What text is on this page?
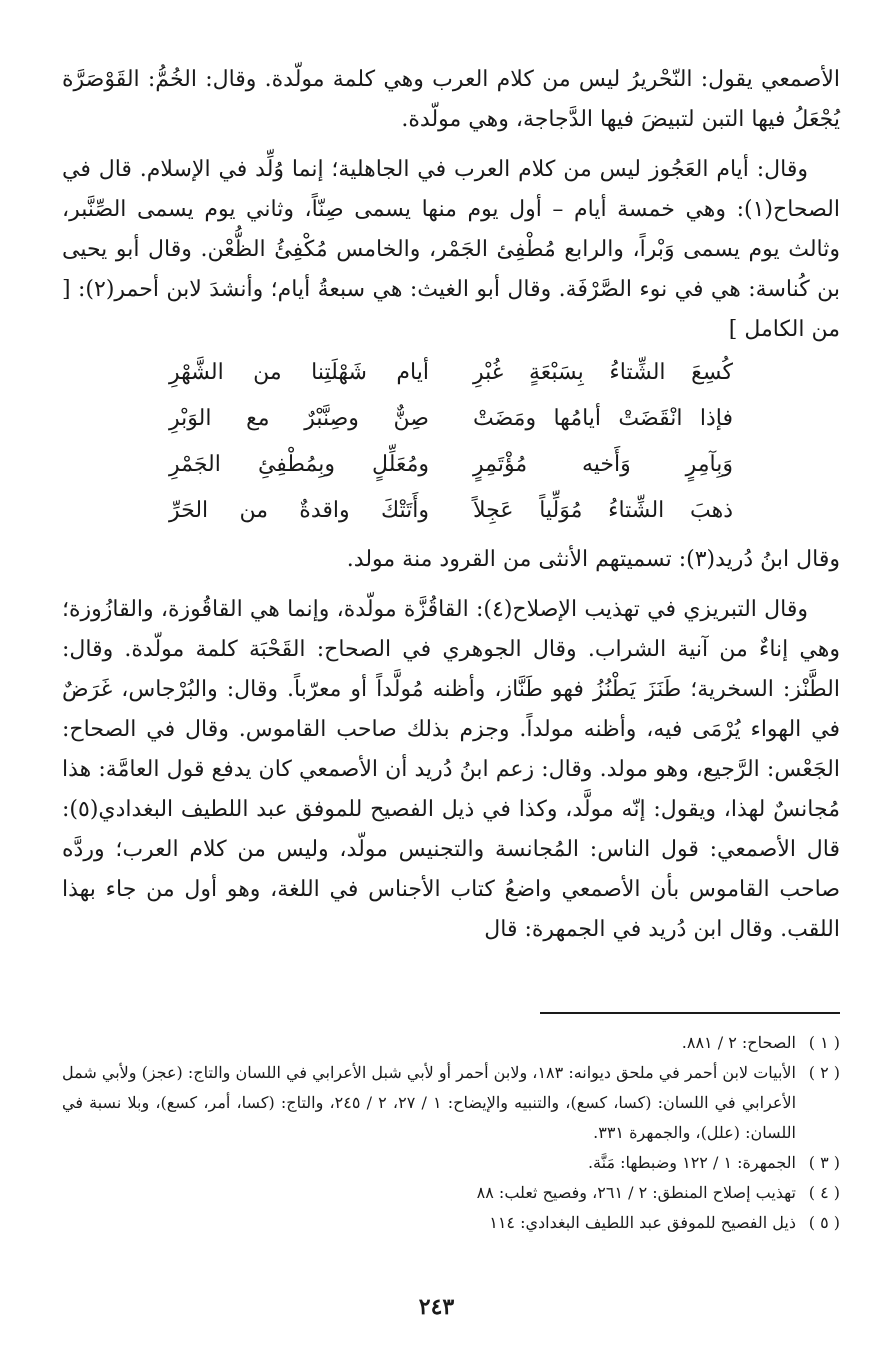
الأصمعي يقول: النّحْريرُ ليس من كلام العرب وهي كلمة مولّدة. وقال: الخُمُّ: القَوْصَرَّة يُجْعَلُ فيها التبن لتبيضَ فيها الدَّجاجة، وهي مولّدة.

وقال: أيام العَجُوز ليس من كلام العرب في الجاهلية؛ إنما وُلِّد في الإسلام. قال في الصحاح(١): وهي خمسة أيام – أول يوم منها يسمى صِنّاً، وثاني يوم يسمى الصِّنَّبر، وثالث يوم يسمى وَبْراً، والرابع مُطْفِئ الجَمْر، والخامس مُكْفِئُ الظُّعْن. وقال أبو يحيى بن كُناسة: هي في نوء الصَّرْفَة. وقال أبو الغيث: هي سبعةُ أيام؛ وأنشدَ لابن أحمر(٢): [ من الكامل ]

كُسِعَ الشِّتاءُ بِسَبْعَةٍ غُبْرِ
أيام شَهْلَتِنا من الشَّهْرِ
فإذا انْقَضَتْ أيامُها ومَضَتْ
صِنٌّ وصِنَّبْرٌ مع الوَبْرِ
وَبِآمِرٍ وَأَخيه مُؤْتَمِرٍ
ومُعَلِّلٍ وبِمُطْفِئِ الجَمْرِ
ذهبَ الشِّتاءُ مُوَلِّياً عَجِلاً
وأَتَتْكَ واقدةٌ من الحَرِّ

وقال ابنُ دُريد(٣): تسميتهم الأنثى من القرود منة مولد.

وقال التبريزي في تهذيب الإصلاح(٤): القاقُزَّة مولّدة، وإنما هي القاقُوزة، والقازُوزة؛ وهي إناءٌ من آنية الشراب. وقال الجوهري في الصحاح: القَحْبَة كلمة مولّدة. وقال: الطَّنْز: السخرية؛ طَنَزَ يَطْنُزُ فهو طَنَّاز، وأظنه مُولَّداً أو معرّباً. وقال: والبُرْجاس، غَرَضٌ في الهواء يُرْمَى فيه، وأظنه مولداً. وجزم بذلك صاحب القاموس. وقال في الصحاح: الجَعْس: الرَّجيع، وهو مولد. وقال: زعم ابنُ دُريد أن الأصمعي كان يدفع قول العامَّة: هذا مُجانسٌ لهذا، ويقول: إنّه مولَّد، وكذا في ذيل الفصيح للموفق عبد اللطيف البغدادي(٥): قال الأصمعي: قول الناس: المُجانسة والتجنيس مولّد، وليس من كلام العرب؛ وردَّه صاحب القاموس بأن الأصمعي واضعُ كتاب الأجناس في اللغة، وهو أول من جاء بهذا اللقب. وقال ابن دُريد في الجمهرة: قال

( ١ )
الصحاح: ٢ / ٨٨١.
( ٢ )
الأبيات لابن أحمر في ملحق ديوانه: ١٨٣، ولابن أحمر أو لأبي شبل الأعرابي في اللسان والتاج: (عجز) ولأبي شمل الأعرابي في اللسان: (كسا، كسع)، والتنبيه والإيضاح: ١ / ٢٧، ٢ / ٢٤٥، والتاج: (كسا، أمر، كسع)، وبلا نسبة في اللسان: (علل)، والجمهرة ٣٣١.
( ٣ )
الجمهرة: ١ / ١٢٢ وضبطها: مَنَّة.
( ٤ )
تهذيب إصلاح المنطق: ٢ / ٢٦١، وفصيح ثعلب: ٨٨
( ٥ )
ذيل الفصيح للموفق عبد اللطيف البغدادي: ١١٤
٢٤٣
